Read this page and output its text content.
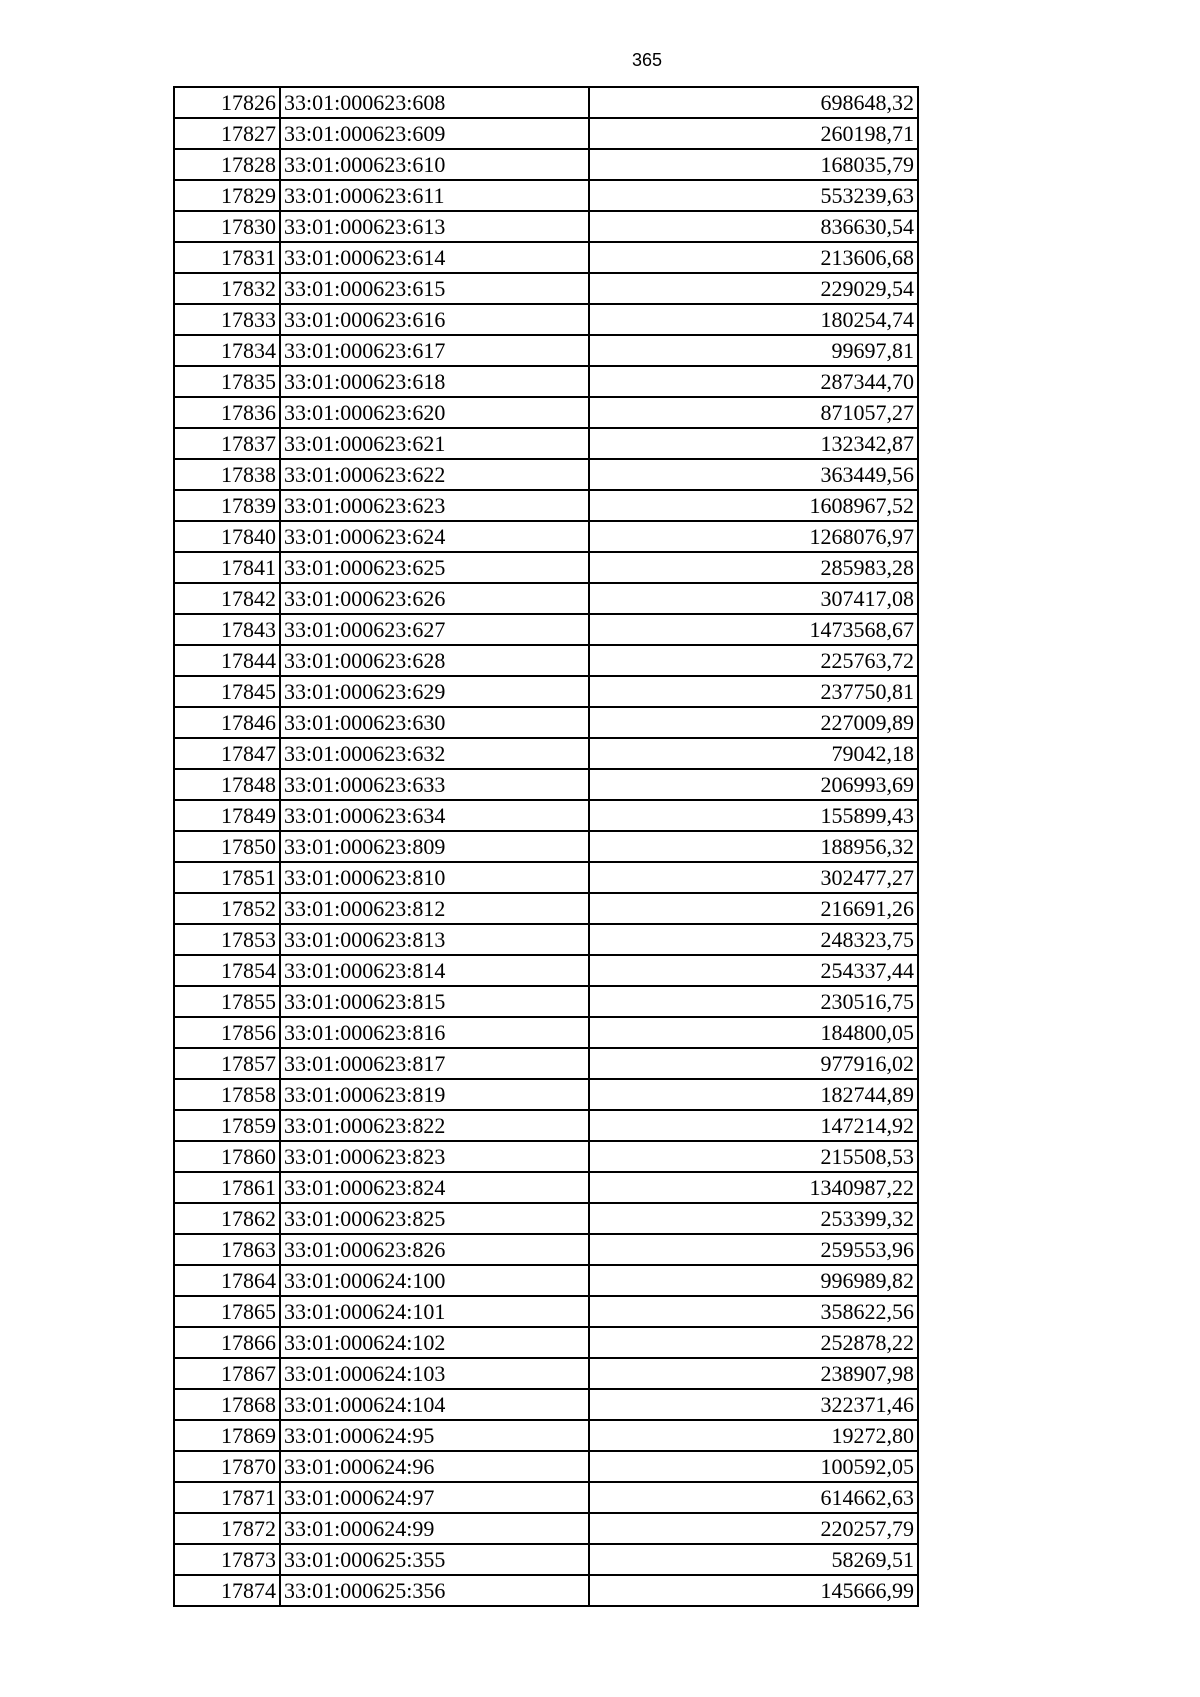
365
17826	33:01:000623:608	698648,32
17827	33:01:000623:609	260198,71
17828	33:01:000623:610	168035,79
17829	33:01:000623:611	553239,63
17830	33:01:000623:613	836630,54
17831	33:01:000623:614	213606,68
17832	33:01:000623:615	229029,54
17833	33:01:000623:616	180254,74
17834	33:01:000623:617	99697,81
17835	33:01:000623:618	287344,70
17836	33:01:000623:620	871057,27
17837	33:01:000623:621	132342,87
17838	33:01:000623:622	363449,56
17839	33:01:000623:623	1608967,52
17840	33:01:000623:624	1268076,97
17841	33:01:000623:625	285983,28
17842	33:01:000623:626	307417,08
17843	33:01:000623:627	1473568,67
17844	33:01:000623:628	225763,72
17845	33:01:000623:629	237750,81
17846	33:01:000623:630	227009,89
17847	33:01:000623:632	79042,18
17848	33:01:000623:633	206993,69
17849	33:01:000623:634	155899,43
17850	33:01:000623:809	188956,32
17851	33:01:000623:810	302477,27
17852	33:01:000623:812	216691,26
17853	33:01:000623:813	248323,75
17854	33:01:000623:814	254337,44
17855	33:01:000623:815	230516,75
17856	33:01:000623:816	184800,05
17857	33:01:000623:817	977916,02
17858	33:01:000623:819	182744,89
17859	33:01:000623:822	147214,92
17860	33:01:000623:823	215508,53
17861	33:01:000623:824	1340987,22
17862	33:01:000623:825	253399,32
17863	33:01:000623:826	259553,96
17864	33:01:000624:100	996989,82
17865	33:01:000624:101	358622,56
17866	33:01:000624:102	252878,22
17867	33:01:000624:103	238907,98
17868	33:01:000624:104	322371,46
17869	33:01:000624:95	19272,80
17870	33:01:000624:96	100592,05
17871	33:01:000624:97	614662,63
17872	33:01:000624:99	220257,79
17873	33:01:000625:355	58269,51
17874	33:01:000625:356	145666,99
